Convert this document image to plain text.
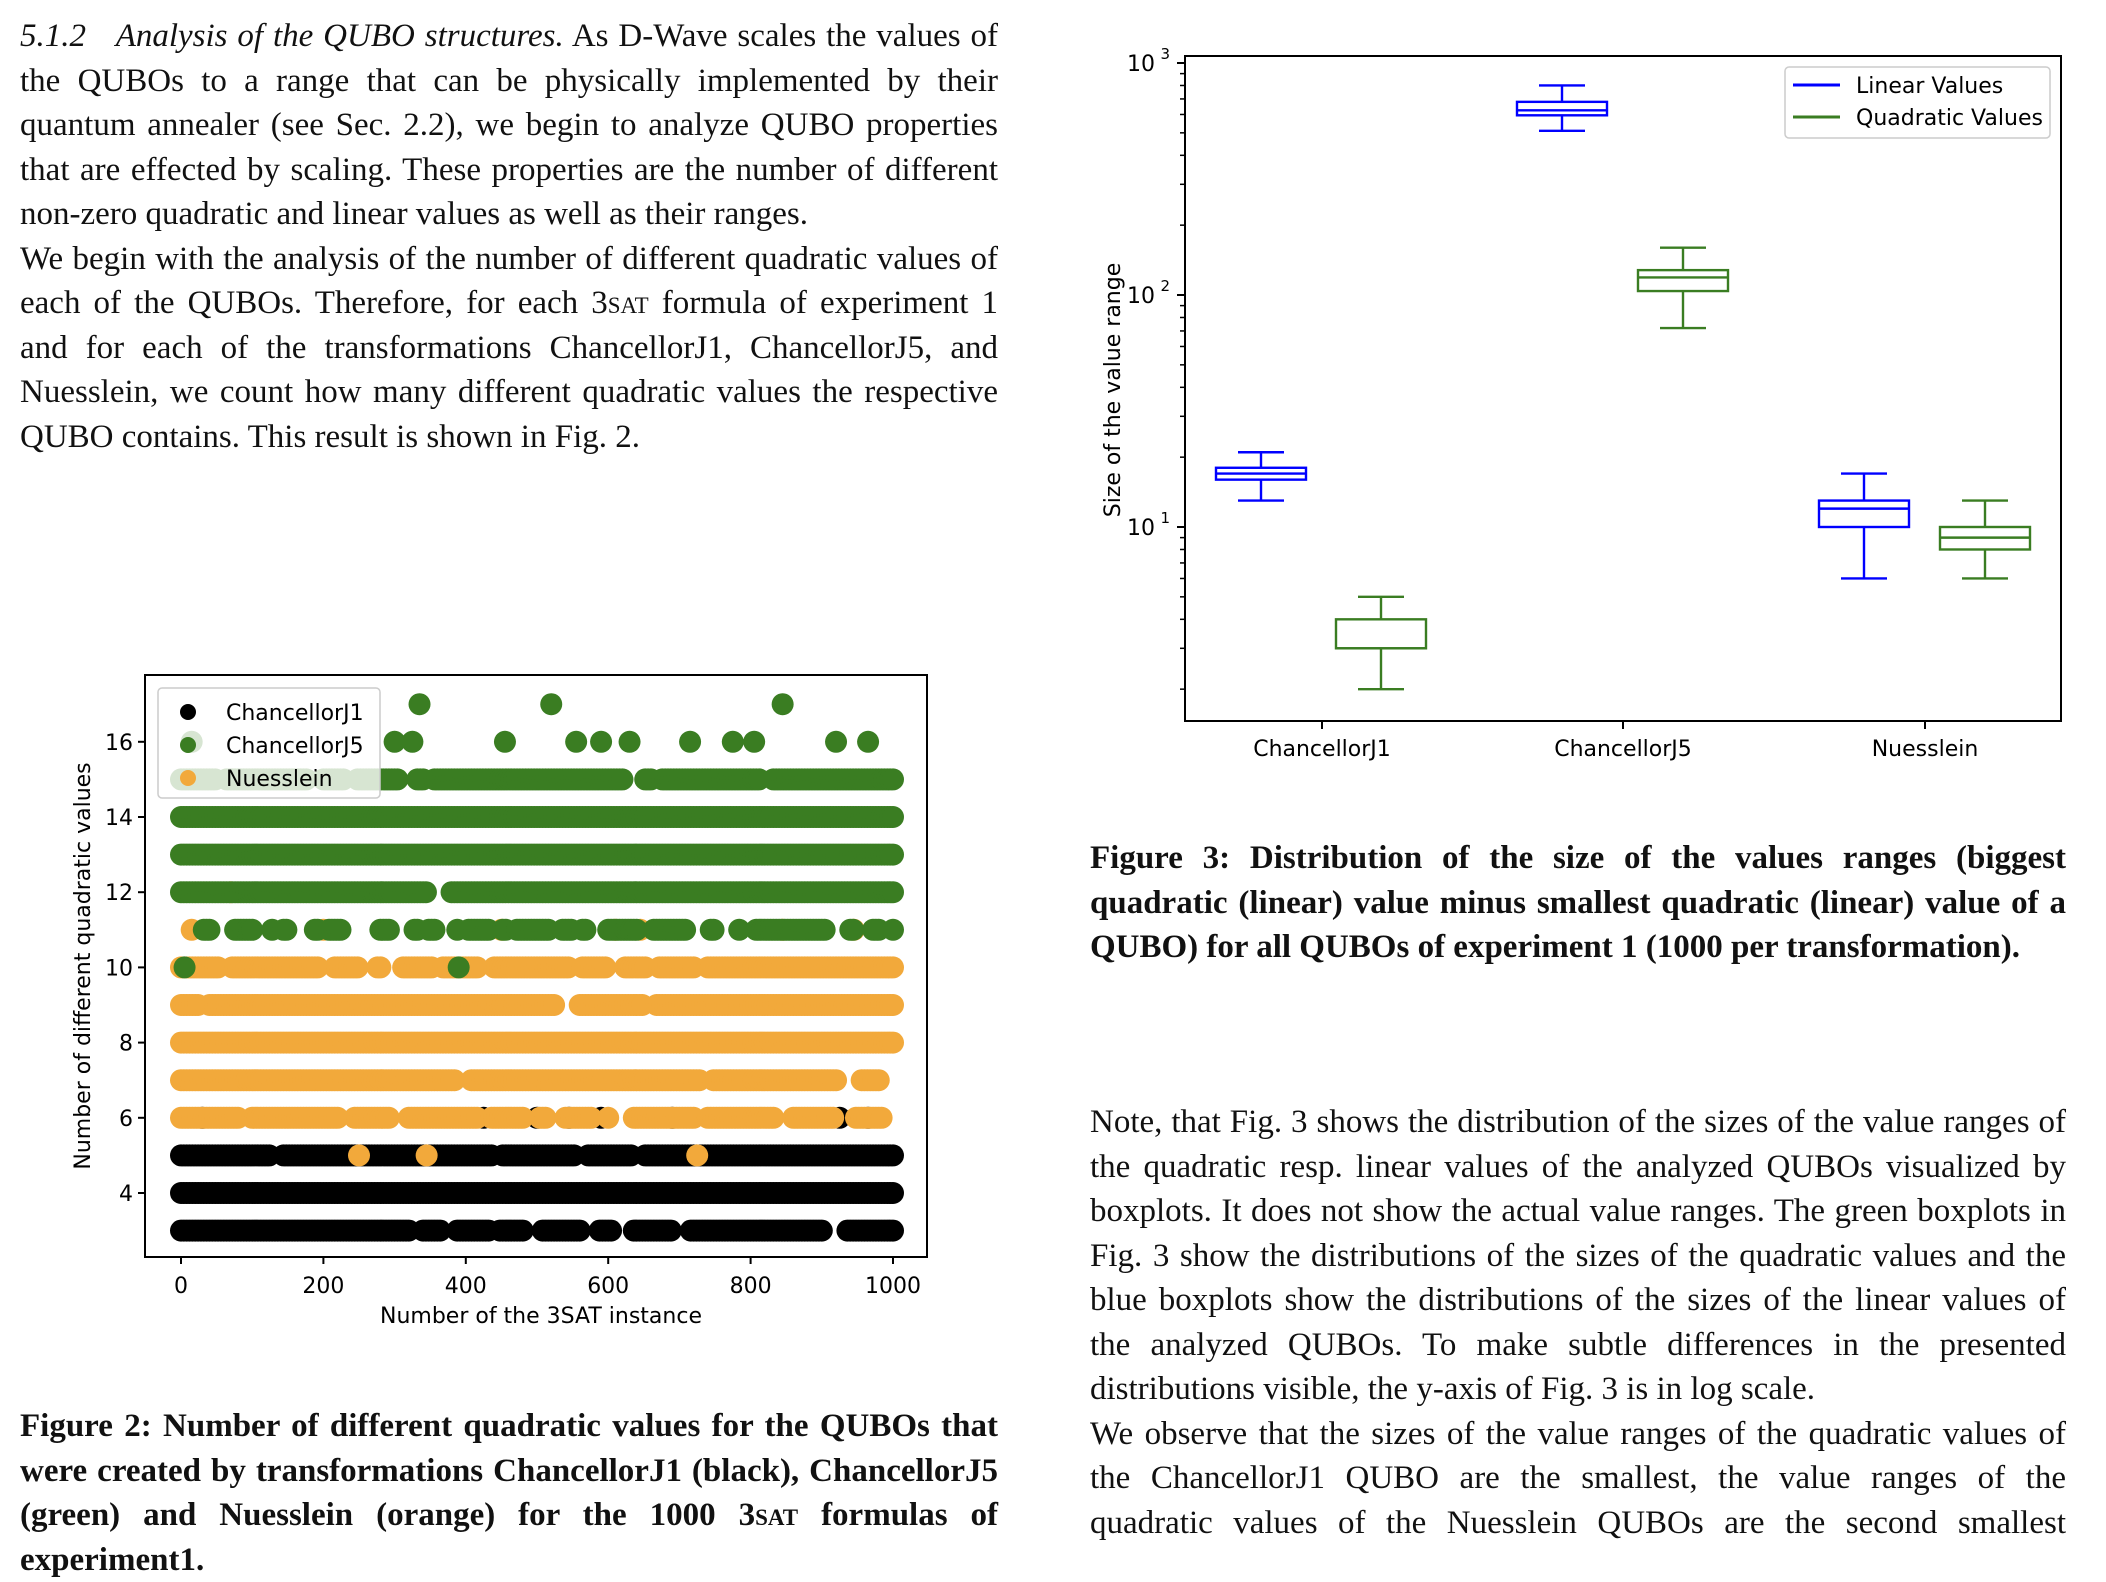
5.1.2 Analysis of the QUBO structures. As D-Wave scales the values of the QUBOs to a range that can be physically implemented by their quantum annealer (see Sec. 2.2), we begin to analyze QUBO properties that are effected by scaling. These properties are the number of different non-zero quadratic and linear values as well as their ranges.

We begin with the analysis of the number of different quadratic values of each of the QUBOs. Therefore, for each 3sat formula of experiment 1 and for each of the transformations ChancellorJ1, ChancellorJ5, and Nuesslein, we count how many different quadratic values the respective QUBO contains. This result is shown in Fig. 2.

Figure 2: Number of different quadratic values for the QUBOs that were created by transformations ChancellorJ1 (black), ChancellorJ5 (green) and Nuesslein (orange) for the 1000 3sat formulas of experiment1.
Figure 3: Distribution of the size of the values ranges (biggest quadratic (linear) value minus smallest quadratic (linear) value of a QUBO) for all QUBOs of experiment 1 (1000 per transformation).

Note, that Fig. 3 shows the distribution of the sizes of the value ranges of the quadratic resp. linear values of the analyzed QUBOs visualized by boxplots. It does not show the actual value ranges. The green boxplots in Fig. 3 show the distributions of the sizes of the quadratic values and the blue boxplots show the distributions of the sizes of the linear values of the analyzed QUBOs. To make subtle differences in the presented distributions visible, the y-axis of Fig. 3 is in log scale.

We observe that the sizes of the value ranges of the quadratic values of the ChancellorJ1 QUBO are the smallest, the value ranges of the quadratic values of the Nuesslein QUBOs are the second smallest

0	200	400	600	800	1000
4
6
8
10
12
14
16
Number of the 3SAT instance
Number of different quadratic values
ChancellorJ1
ChancellorJ5
Nuesslein
10 3
10 2
10 1
ChancellorJ1	ChancellorJ5	Nuesslein
Size of the value range
Linear Values
Quadratic Values
